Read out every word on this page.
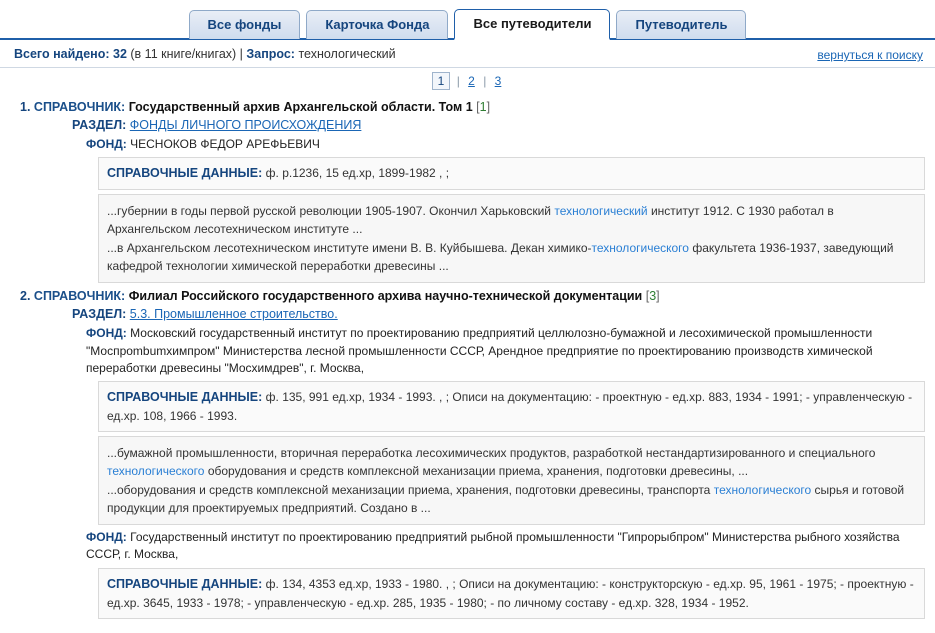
Все фонды	Карточка Фонда	Все путеводители	Путеводитель
Всего найдено: 32 (в 11 книге/книгах) | Запрос: технологический	вернуться к поиску
1 | 2 | 3
1. СПРАВОЧНИК: Государственный архив Архангельской области. Том 1 [1]
РАЗДЕЛ: ФОНДЫ ЛИЧНОГО ПРОИСХОЖДЕНИЯ
ФОНД: ЧЕСНОКОВ ФЕДОР АРЕФЬЕВИЧ
СПРАВОЧНЫЕ ДАННЫЕ: ф. р.1236, 15 ед.хр, 1899-1982 , ;
...губернии в годы первой русской революции 1905-1907. Окончил Харьковский технологический институт 1912. С 1930 работал в Архангельском лесотехническом институте ...
...в Архангельском лесотехническом институте имени В. В. Куйбышева. Декан химико-технологического факультета 1936-1937, заведующий кафедрой технологии химической переработки древесины ...
2. СПРАВОЧНИК: Филиал Российского государственного архива научно-технической документации [3]
РАЗДЕЛ: 5.3. Промышленное строительство.
ФОНД: Московский государственный институт по проектированию предприятий целлюлозно-бумажной и лесохимической промышленности "Моспрombumхимпром" Министерства лесной промышленности СССР, Арендное предприятие по проектированию производств химической переработки древесины "Мосхимдрев", г. Москва,
СПРАВОЧНЫЕ ДАННЫЕ: ф. 135, 991 ед.хр, 1934 - 1993. , ; Описи на документацию: - проектную - ед.хр. 883, 1934 - 1991; - управленческую - ед.хр. 108, 1966 - 1993.
...бумажной промышленности, вторичная переработка лесохимических продуктов, разработкой нестандартизированного и специального технологического оборудования и средств комплексной механизации приема, хранения, подготовки древесины, ...
...оборудования и средств комплексной механизации приема, хранения, подготовки древесины, транспорта технологического сырья и готовой продукции для проектируемых предприятий. Создано в ...
ФОНД: Государственный институт по проектированию предприятий рыбной промышленности "Гипрорыбпром" Министерства рыбного хозяйства СССР, г. Москва,
СПРАВОЧНЫЕ ДАННЫЕ: ф. 134, 4353 ед.хр, 1933 - 1980. , ; Описи на документацию: - конструкторскую - ед.хр. 95, 1961 - 1975; - проектную - ед.хр. 3645, 1933 - 1978; - управленческую - ед.хр. 285, 1935 - 1980; - по личному составу - ед.хр. 328, 1934 - 1952.
